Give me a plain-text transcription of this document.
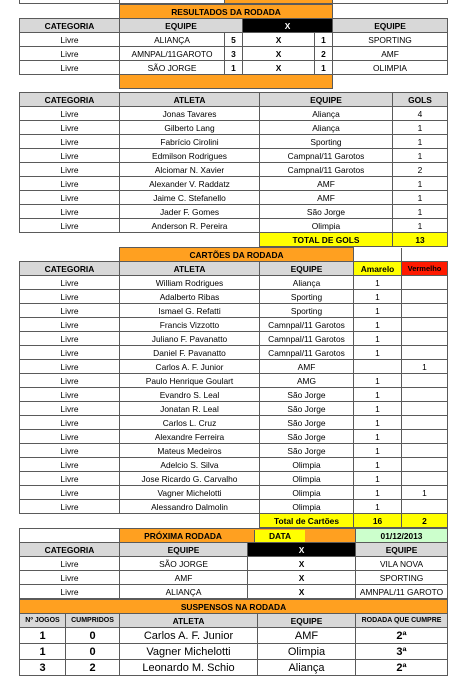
	RESULTADOS DA RODADA				
CATEGORIA	EQUIPE		X		EQUIPE
Livre	ALIANÇA	5	X	1	SPORTING
Livre	AMNPAL/11GAROTO	3	X	2	AMF
Livre	SÃO JORGE	1	X	1	OLIMPIA

CATEGORIA	ATLETA	EQUIPE	GOLS
Livre	Jonas Tavares	Aliança	4
Livre	Gilberto Lang	Aliança	1
Livre	Fabrício Cirolini	Sporting	1
Livre	Edmilson Rodrigues	Campnal/11 Garotos	1
Livre	Alciomar N. Xavier	Campnal/11 Garotos	2
Livre	Alexander V. Raddatz	AMF	1
Livre	Jaime C. Stefanello	AMF	1
Livre	Jader F. Gomes	São Jorge	1
Livre	Anderson R. Pereira	Olimpia	1
		TOTAL DE GOLS	13
	CARTÕES DA RODADA			
CATEGORIA	ATLETA	EQUIPE	Amarelo	Vermelho
Livre	William Rodrigues	Aliança	1	
Livre	Adalberto Ribas	Sporting	1	
Livre	Ismael G. Refatti	Sporting	1	
Livre	Francis Vizzotto	Camnpal/11 Garotos	1	
Livre	Juliano F. Pavanatto	Camnpal/11 Garotos	1	
Livre	Daniel F. Pavanatto	Camnpal/11 Garotos	1	
Livre	Carlos A. F. Junior	AMF		1
Livre	Paulo Henrique Goulart	AMG	1	
Livre	Evandro S. Leal	São Jorge	1	
Livre	Jonatan R. Leal	São Jorge	1	
Livre	Carlos L. Cruz	São Jorge	1	
Livre	Alexandre Ferreira	São Jorge	1	
Livre	Mateus Medeiros	São Jorge	1	
Livre	Adelcio S. Silva	Olimpia	1	
Livre	Jose Ricardo G. Carvalho	Olimpia	1	
Livre	Vagner Michelotti	Olimpia	1	1
Livre	Alessandro Dalmolin	Olimpia	1	
		Total de Cartões	16	2
	PRÓXIMA RODADA DATA		01/12/2013
CATEGORIA	EQUIPE	X	EQUIPE
Livre	SÃO JORGE	X	VILA NOVA
Livre	AMF	X	SPORTING
Livre	ALIANÇA	X	AMNPAL/11 GAROTO
SUSPENSOS NA RODADA				
Nº JOGOS	CUMPRIDOS	ATLETA	EQUIPE	RODADA QUE CUMPRE
1	0	Carlos A. F. Junior	AMF	2ª
1	0	Vagner Michelotti	Olimpia	3ª
3	2	Leonardo M. Schio	Aliança	2ª
